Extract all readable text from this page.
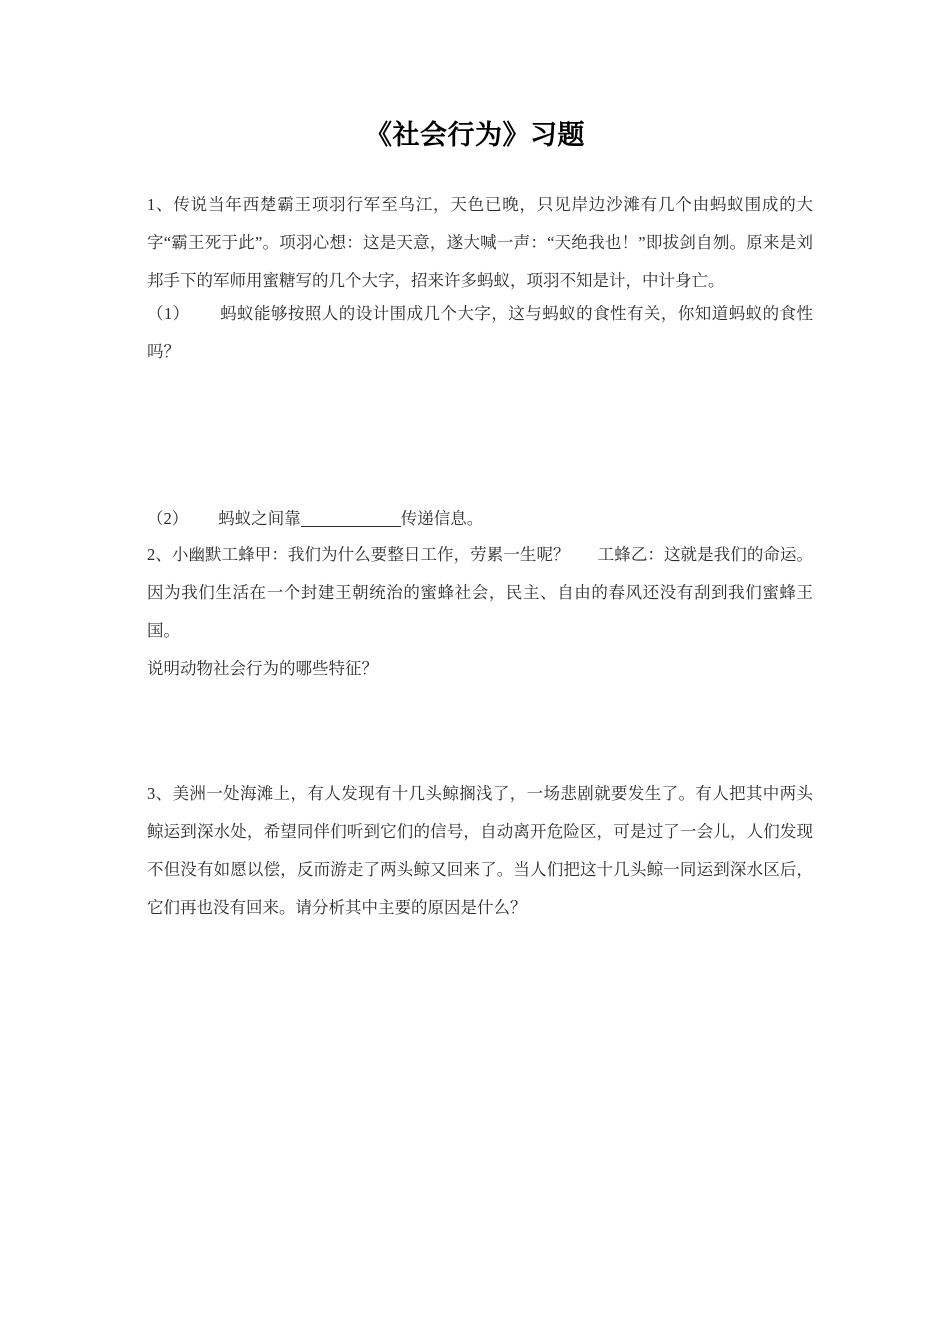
《社会行为》习题

1、传说当年西楚霸王项羽行军至乌江，天色已晚，只见岸边沙滩有几个由蚂蚁围成的大字“霸王死于此”。项羽心想：这是天意，遂大喊一声：“天绝我也！”即拔剑自刎。原来是刘邦手下的军师用蜜糖写的几个大字，招来许多蚂蚁，项羽不知是计，中计身亡。

（1） 蚂蚁能够按照人的设计围成几个大字，这与蚂蚁的食性有关，你知道蚂蚁的食性吗？

（2） 蚂蚁之间靠	传递信息。

2、小幽默工蜂甲：我们为什么要整日工作，劳累一生呢？ 工蜂乙：这就是我们的命运。因为我们生活在一个封建王朝统治的蜜蜂社会，民主、自由的春风还没有刮到我们蜜蜂王国。

说明动物社会行为的哪些特征？

3、美洲一处海滩上，有人发现有十几头鲸搁浅了，一场悲剧就要发生了。有人把其中两头鲸运到深水处，希望同伴们听到它们的信号，自动离开危险区，可是过了一会儿，人们发现不但没有如愿以偿，反而游走了两头鲸又回来了。当人们把这十几头鲸一同运到深水区后，它们再也没有回来。请分析其中主要的原因是什么？
